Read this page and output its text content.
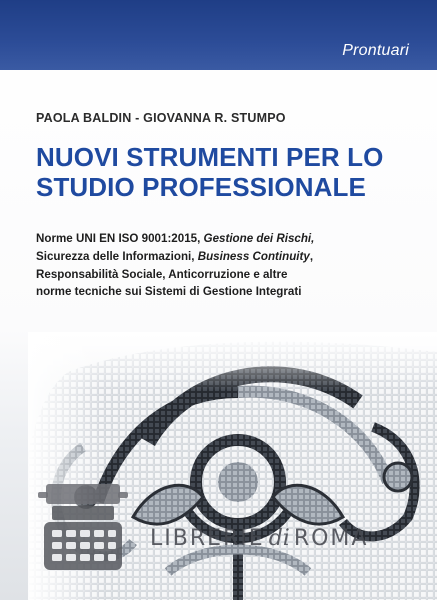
Prontuari
PAOLA BALDIN - GIOVANNA R. STUMPO
NUOVI STRUMENTI PER LO
STUDIO PROFESSIONALE
Norme UNI EN ISO 9001:2015, Gestione dei Rischi,
Sicurezza delle Informazioni, Business Continuity,
Responsabilità Sociale, Anticorruzione e altre
norme tecniche sui Sistemi di Gestione Integrati
LIBRERIE di ROMA
